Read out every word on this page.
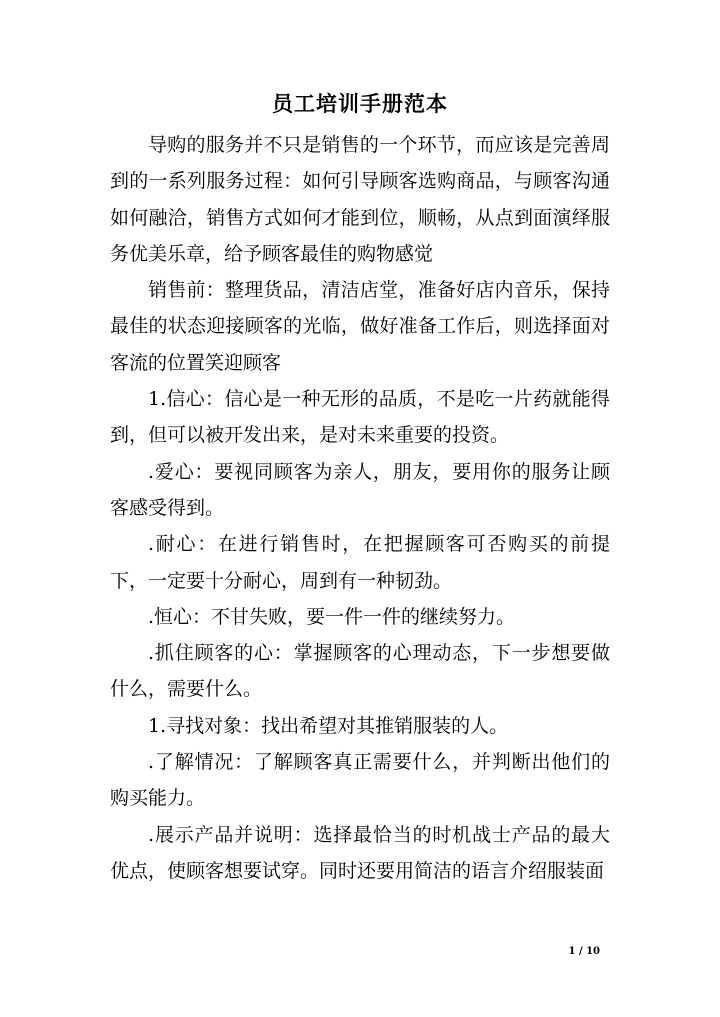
员工培训手册范本

导购的服务并不只是销售的一个环节，而应该是完善周到的一系列服务过程：如何引导顾客选购商品，与顾客沟通如何融洽，销售方式如何才能到位，顺畅，从点到面演绎服务优美乐章，给予顾客最佳的购物感觉

销售前：整理货品，清洁店堂，准备好店内音乐，保持最佳的状态迎接顾客的光临，做好准备工作后，则选择面对客流的位置笑迎顾客

1.信心：信心是一种无形的品质，不是吃一片药就能得到，但可以被开发出来，是对未来重要的投资。

.爱心：要视同顾客为亲人，朋友，要用你的服务让顾客感受得到。

.耐心：在进行销售时，在把握顾客可否购买的前提下，一定要十分耐心，周到有一种韧劲。

.恒心：不甘失败，要一件一件的继续努力。

.抓住顾客的心：掌握顾客的心理动态，下一步想要做什么，需要什么。

1.寻找对象：找出希望对其推销服装的人。

.了解情况：了解顾客真正需要什么，并判断出他们的购买能力。

.展示产品并说明：选择最恰当的时机战士产品的最大优点，使顾客想要试穿。同时还要用简洁的语言介绍服装面

1 / 10
